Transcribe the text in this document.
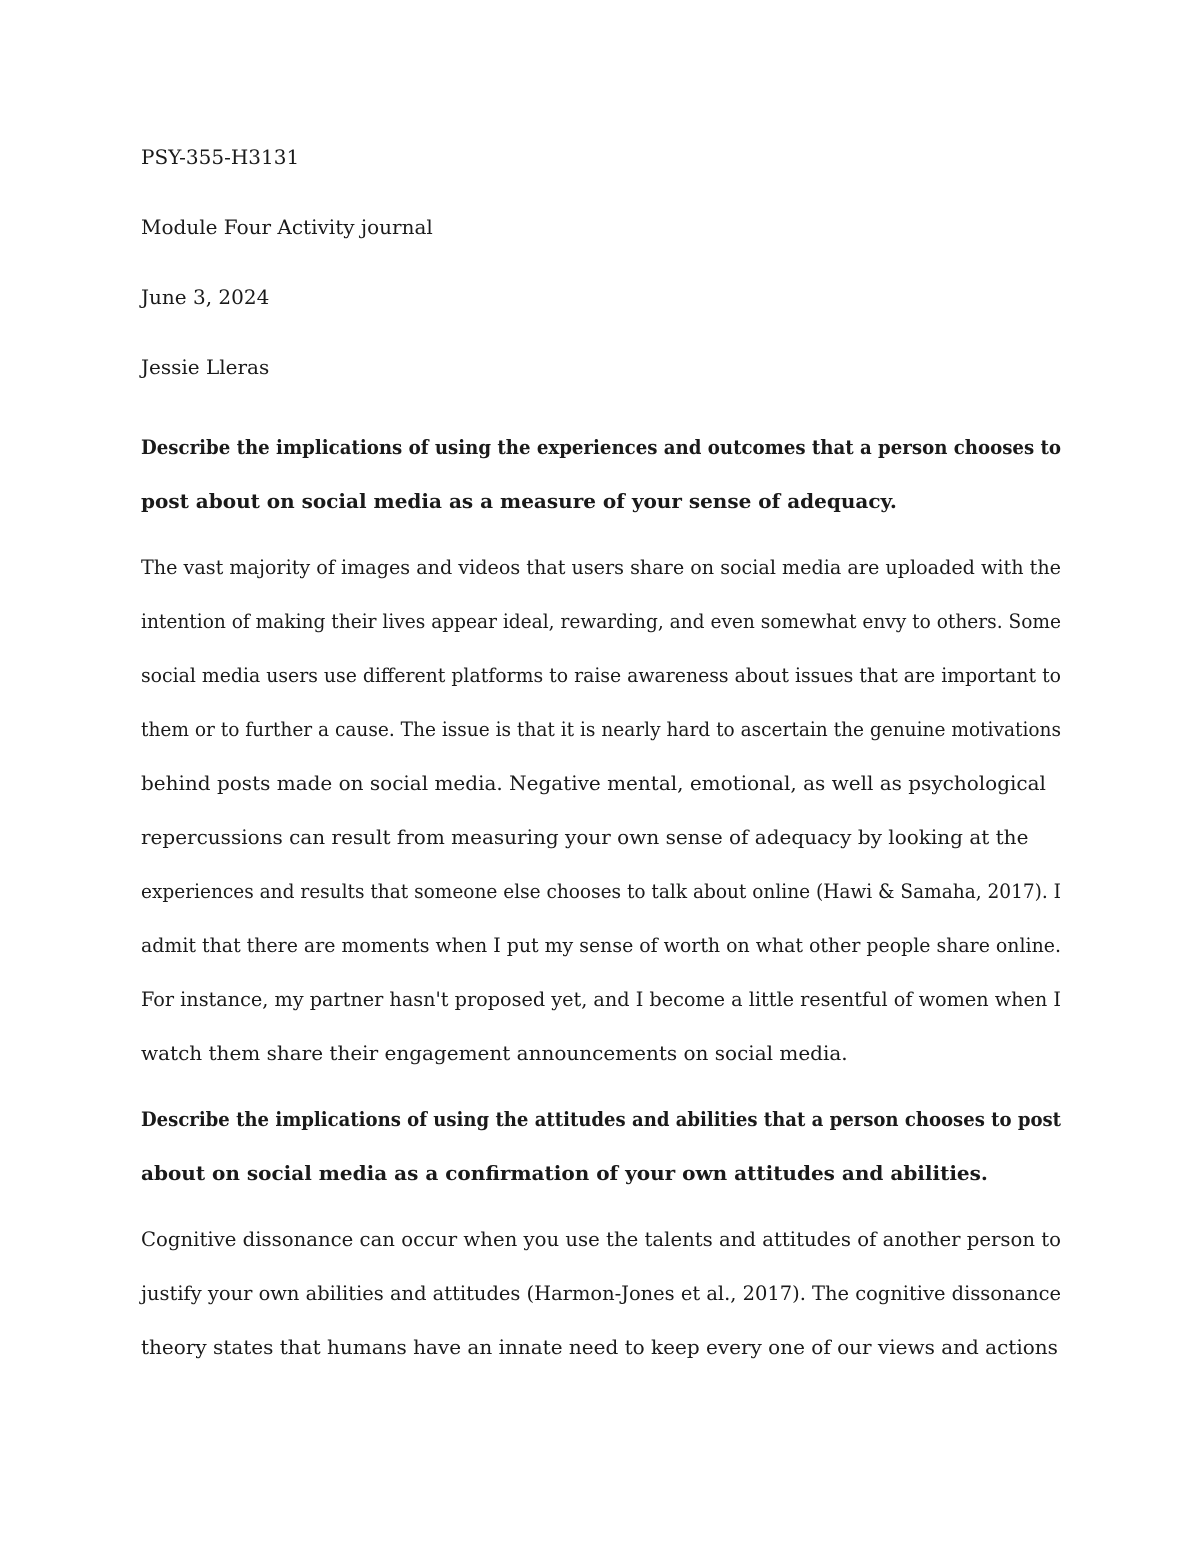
PSY-355-H3131
Module Four Activity journal
June 3, 2024
Jessie Lleras
Describe the implications of using the experiences and outcomes that a person chooses to
post about on social media as a measure of your sense of adequacy.
The vast majority of images and videos that users share on social media are uploaded with the
intention of making their lives appear ideal, rewarding, and even somewhat envy to others. Some
social media users use different platforms to raise awareness about issues that are important to
them or to further a cause. The issue is that it is nearly hard to ascertain the genuine motivations
behind posts made on social media. Negative mental, emotional, as well as psychological
repercussions can result from measuring your own sense of adequacy by looking at the
experiences and results that someone else chooses to talk about online (Hawi & Samaha, 2017). I
admit that there are moments when I put my sense of worth on what other people share online.
For instance, my partner hasn't proposed yet, and I become a little resentful of women when I
watch them share their engagement announcements on social media.
Describe the implications of using the attitudes and abilities that a person chooses to post
about on social media as a confirmation of your own attitudes and abilities.
Cognitive dissonance can occur when you use the talents and attitudes of another person to
justify your own abilities and attitudes (Harmon-Jones et al., 2017). The cognitive dissonance
theory states that humans have an innate need to keep every one of our views and actions
